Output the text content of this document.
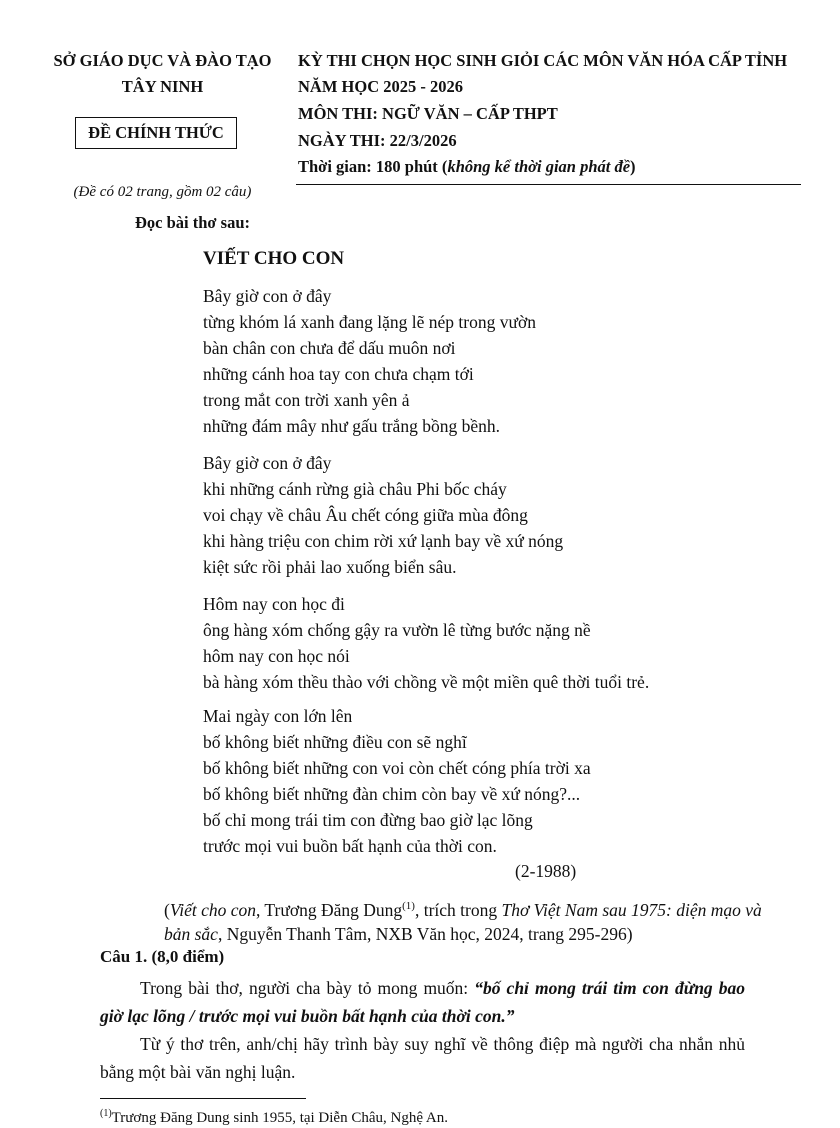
SỞ GIÁO DỤC VÀ ĐÀO TẠO
TÂY NINH
ĐỀ CHÍNH THỨC
(Đề có 02 trang, gồm 02 câu)
KỲ THI CHỌN HỌC SINH GIỎI CÁC MÔN VĂN HÓA CẤP TỈNH
NĂM HỌC 2025 - 2026
MÔN THI: NGỮ VĂN – CẤP THPT
NGÀY THI: 22/3/2026
Thời gian: 180 phút (không kể thời gian phát đề)
Đọc bài thơ sau:
VIẾT CHO CON
Bây giờ con ở đây
từng khóm lá xanh đang lặng lẽ nép trong vườn
bàn chân con chưa để dấu muôn nơi
những cánh hoa tay con chưa chạm tới
trong mắt con trời xanh yên ả
những đám mây như gấu trắng bồng bềnh.
Bây giờ con ở đây
khi những cánh rừng già châu Phi bốc cháy
voi chạy về châu Âu chết cóng giữa mùa đông
khi hàng triệu con chim rời xứ lạnh bay về xứ nóng
kiệt sức rồi phải lao xuống biển sâu.
Hôm nay con học đi
ông hàng xóm chống gậy ra vườn lê từng bước nặng nề
hôm nay con học nói
bà hàng xóm thều thào với chồng về một miền quê thời tuổi trẻ.
Mai ngày con lớn lên
bố không biết những điều con sẽ nghĩ
bố không biết những con voi còn chết cóng phía trời xa
bố không biết những đàn chim còn bay về xứ nóng?...
bố chỉ mong trái tim con đừng bao giờ lạc lõng
trước mọi vui buồn bất hạnh của thời con.
(2-1988)
(Viết cho con, Trương Đăng Dung$^{(1)}$, trích trong Thơ Việt Nam sau 1975: diện mạo và bản sắc, Nguyễn Thanh Tâm, NXB Văn học, 2024, trang 295-296)
Câu 1. (8,0 điểm)
Trong bài thơ, người cha bày tỏ mong muốn: “bố chỉ mong trái tim con đừng bao giờ lạc lõng / trước mọi vui buồn bất hạnh của thời con.”
Từ ý thơ trên, anh/chị hãy trình bày suy nghĩ về thông điệp mà người cha nhắn nhủ bằng một bài văn nghị luận.
$^{(1)}$Trương Đăng Dung sinh 1955, tại Diễn Châu, Nghệ An.
